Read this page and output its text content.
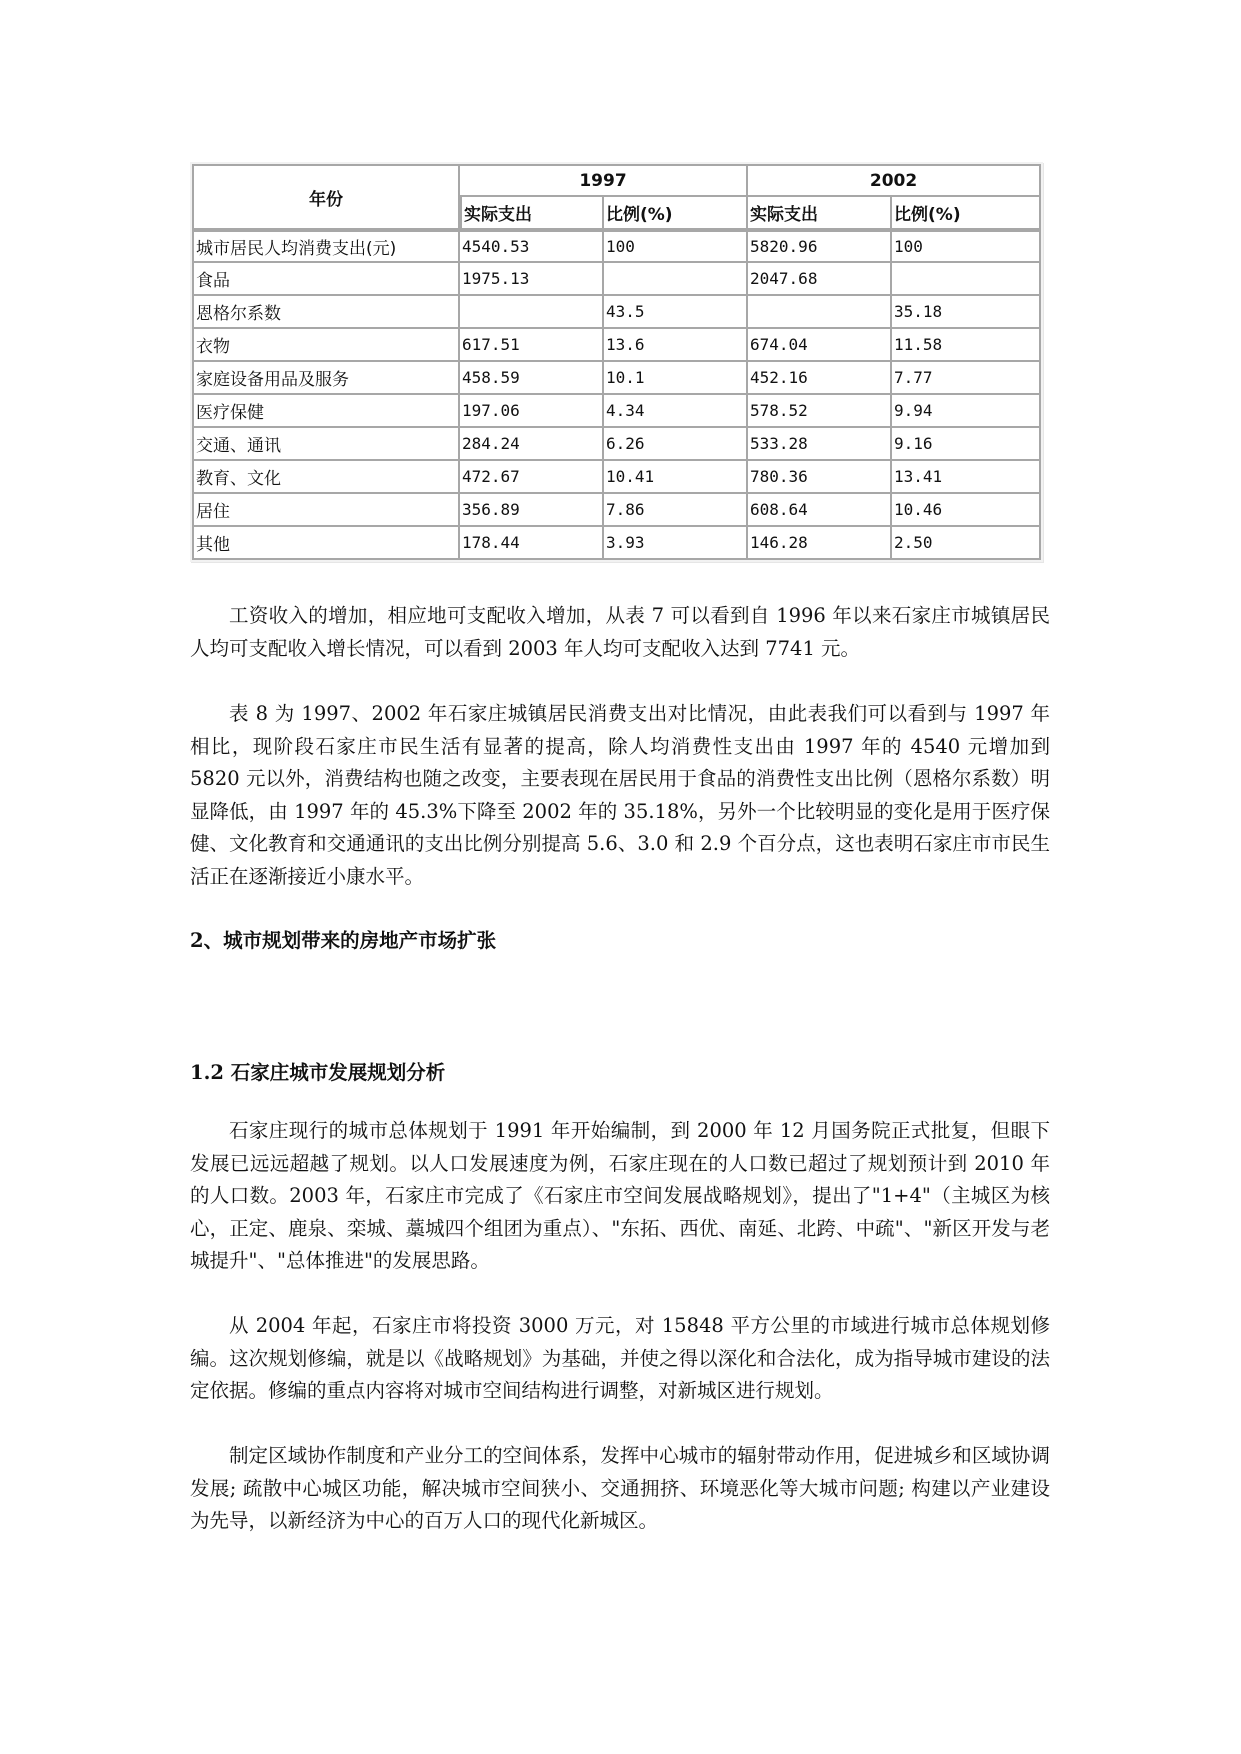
年份	1997		2002	
	实际支出	比例(%)	实际支出	比例(%)
城市居民人均消费支出(元)	4540.53	100	5820.96	100
食品	1975.13		2047.68	
恩格尔系数		43.5		35.18
衣物	617.51	13.6	674.04	11.58
家庭设备用品及服务	458.59	10.1	452.16	7.77
医疗保健	197.06	4.34	578.52	9.94
交通、通讯	284.24	6.26	533.28	9.16
教育、文化	472.67	10.41	780.36	13.41
居住	356.89	7.86	608.64	10.46
其他	178.44	3.93	146.28	2.50

工资收入的增加，相应地可支配收入增加，从表 7 可以看到自 1996 年以来石家庄市城镇居民人均可支配收入增长情况，可以看到 2003 年人均可支配收入达到 7741 元。

表 8 为 1997、2002 年石家庄城镇居民消费支出对比情况，由此表我们可以看到与 1997 年相比，现阶段石家庄市民生活有显著的提高，除人均消费性支出由 1997 年的 4540 元增加到 5820 元以外，消费结构也随之改变，主要表现在居民用于食品的消费性支出比例（恩格尔系数）明显降低，由 1997 年的 45.3%下降至 2002 年的 35.18%，另外一个比较明显的变化是用于医疗保健、文化教育和交通通讯的支出比例分别提高 5.6、3.0 和 2.9 个百分点，这也表明石家庄市市民生活正在逐渐接近小康水平。

2、城市规划带来的房地产市场扩张

1.2 石家庄城市发展规划分析

石家庄现行的城市总体规划于 1991 年开始编制，到 2000 年 12 月国务院正式批复，但眼下发展已远远超越了规划。以人口发展速度为例，石家庄现在的人口数已超过了规划预计到 2010 年的人口数。2003 年，石家庄市完成了《石家庄市空间发展战略规划》，提出了"1+4"（主城区为核心，正定、鹿泉、栾城、藁城四个组团为重点）、"东拓、西优、南延、北跨、中疏"、"新区开发与老城提升"、"总体推进"的发展思路。

从 2004 年起，石家庄市将投资 3000 万元，对 15848 平方公里的市域进行城市总体规划修编。这次规划修编，就是以《战略规划》为基础，并使之得以深化和合法化，成为指导城市建设的法定依据。修编的重点内容将对城市空间结构进行调整，对新城区进行规划。

制定区域协作制度和产业分工的空间体系，发挥中心城市的辐射带动作用，促进城乡和区域协调发展; 疏散中心城区功能，解决城市空间狭小、交通拥挤、环境恶化等大城市问题; 构建以产业建设为先导，以新经济为中心的百万人口的现代化新城区。
